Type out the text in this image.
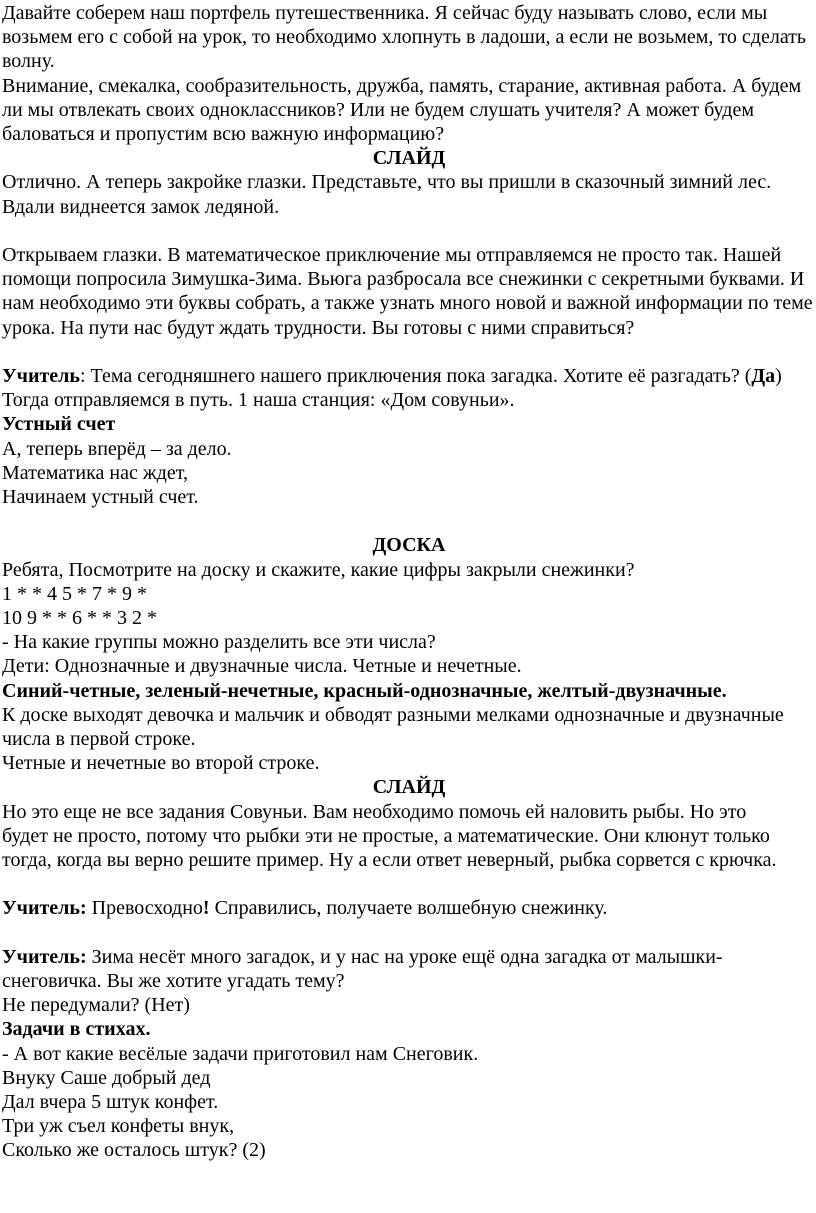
Давайте соберем наш портфель путешественника. Я сейчас буду называть слово, если мы возьмем его с собой на урок, то необходимо хлопнуть в ладоши, а если не возьмем, то сделать волну.

Внимание, смекалка, сообразительность, дружба, память, старание, активная работа. А будем ли мы отвлекать своих одноклассников? Или не будем слушать учителя? А может будем баловаться и пропустим всю важную информацию?

СЛАЙД

Отлично. А теперь закройке глазки. Представьте, что вы пришли в сказочный зимний лес. Вдали виднеется замок ледяной.

Открываем глазки. В математическое приключение мы отправляемся не просто так. Нашей помощи попросила Зимушка-Зима. Вьюга разбросала все снежинки с секретными буквами. И нам необходимо эти буквы собрать, а также узнать много новой и важной информации по теме урока. На пути нас будут ждать трудности. Вы готовы с ними справиться?

Учитель: Тема сегодняшнего нашего приключения пока загадка. Хотите её разгадать? (Да) Тогда отправляемся в путь. 1 наша станция: «Дом совуньи».

Устный счет

А, теперь вперёд – за дело.

Математика нас ждет,

Начинаем устный счет.

ДОСКА

Ребята, Посмотрите на доску и скажите, какие цифры закрыли снежинки?

1 * * 4 5 * 7 * 9 *

10 9 * * 6 * * 3 2 *

- На какие группы можно разделить все эти числа?

Дети: Однозначные и двузначные числа. Четные и нечетные.

Синий-четные, зеленый-нечетные, красный-однозначные, желтый-двузначные.

К доске выходят девочка и мальчик и обводят разными мелками однозначные и двузначные числа в первой строке.

Четные и нечетные во второй строке.

СЛАЙД

Но это еще не все задания Совуньи. Вам необходимо помочь ей наловить рыбы. Но это

будет не просто, потому что рыбки эти не простые, а математические. Они клюнут только

тогда, когда вы верно решите пример. Ну а если ответ неверный, рыбка сорвется с крючка.

Учитель: Превосходно! Справились, получаете волшебную снежинку.

Учитель: Зима несёт много загадок, и у нас на уроке ещё одна загадка от малышки-снеговичка. Вы же хотите угадать тему?

Не передумали? (Нет)

Задачи в стихах.

- А вот какие весёлые задачи приготовил нам Снеговик.

Внуку Саше добрый дед

Дал вчера 5 штук конфет.

Три уж съел конфеты внук,

Сколько же осталось штук? (2)
